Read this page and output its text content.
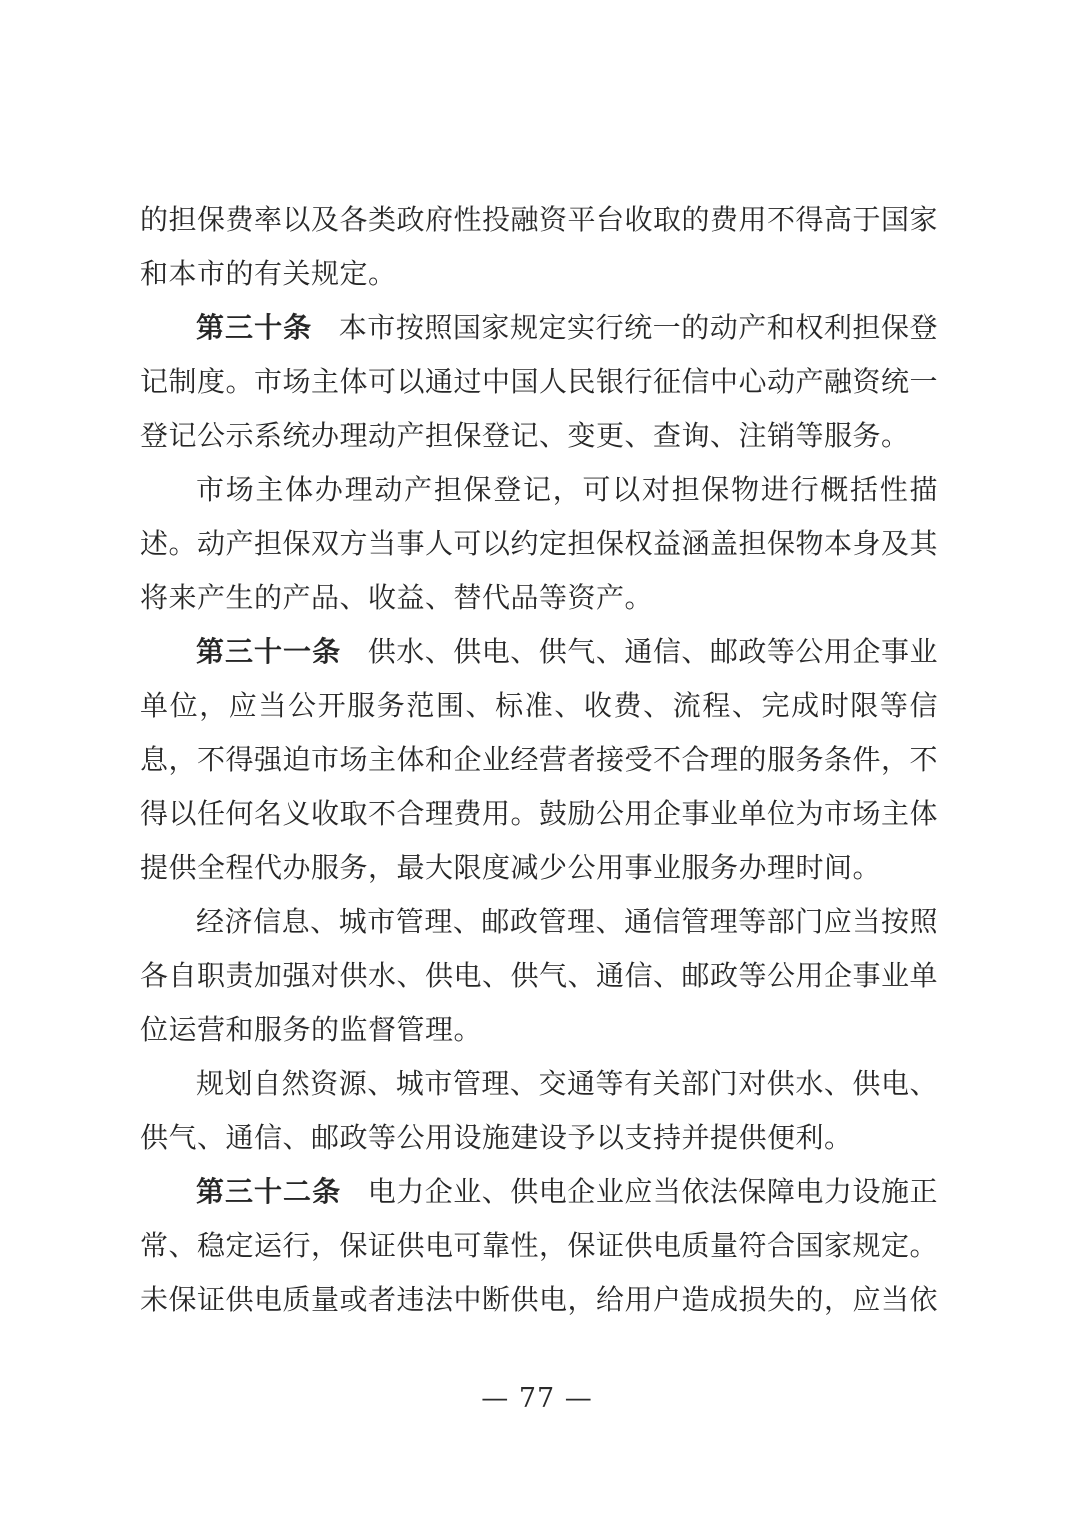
的担保费率以及各类政府性投融资平台收取的费用不得高于国家和本市的有关规定。

第三十条 本市按照国家规定实行统一的动产和权利担保登记制度。市场主体可以通过中国人民银行征信中心动产融资统一登记公示系统办理动产担保登记、变更、查询、注销等服务。

市场主体办理动产担保登记，可以对担保物进行概括性描述。动产担保双方当事人可以约定担保权益涵盖担保物本身及其将来产生的产品、收益、替代品等资产。

第三十一条 供水、供电、供气、通信、邮政等公用企事业单位，应当公开服务范围、标准、收费、流程、完成时限等信息，不得强迫市场主体和企业经营者接受不合理的服务条件，不得以任何名义收取不合理费用。鼓励公用企事业单位为市场主体提供全程代办服务，最大限度减少公用事业服务办理时间。

经济信息、城市管理、邮政管理、通信管理等部门应当按照各自职责加强对供水、供电、供气、通信、邮政等公用企事业单位运营和服务的监督管理。

规划自然资源、城市管理、交通等有关部门对供水、供电、供气、通信、邮政等公用设施建设予以支持并提供便利。

第三十二条 电力企业、供电企业应当依法保障电力设施正常、稳定运行，保证供电可靠性，保证供电质量符合国家规定。未保证供电质量或者违法中断供电，给用户造成损失的，应当依

— 77 —
